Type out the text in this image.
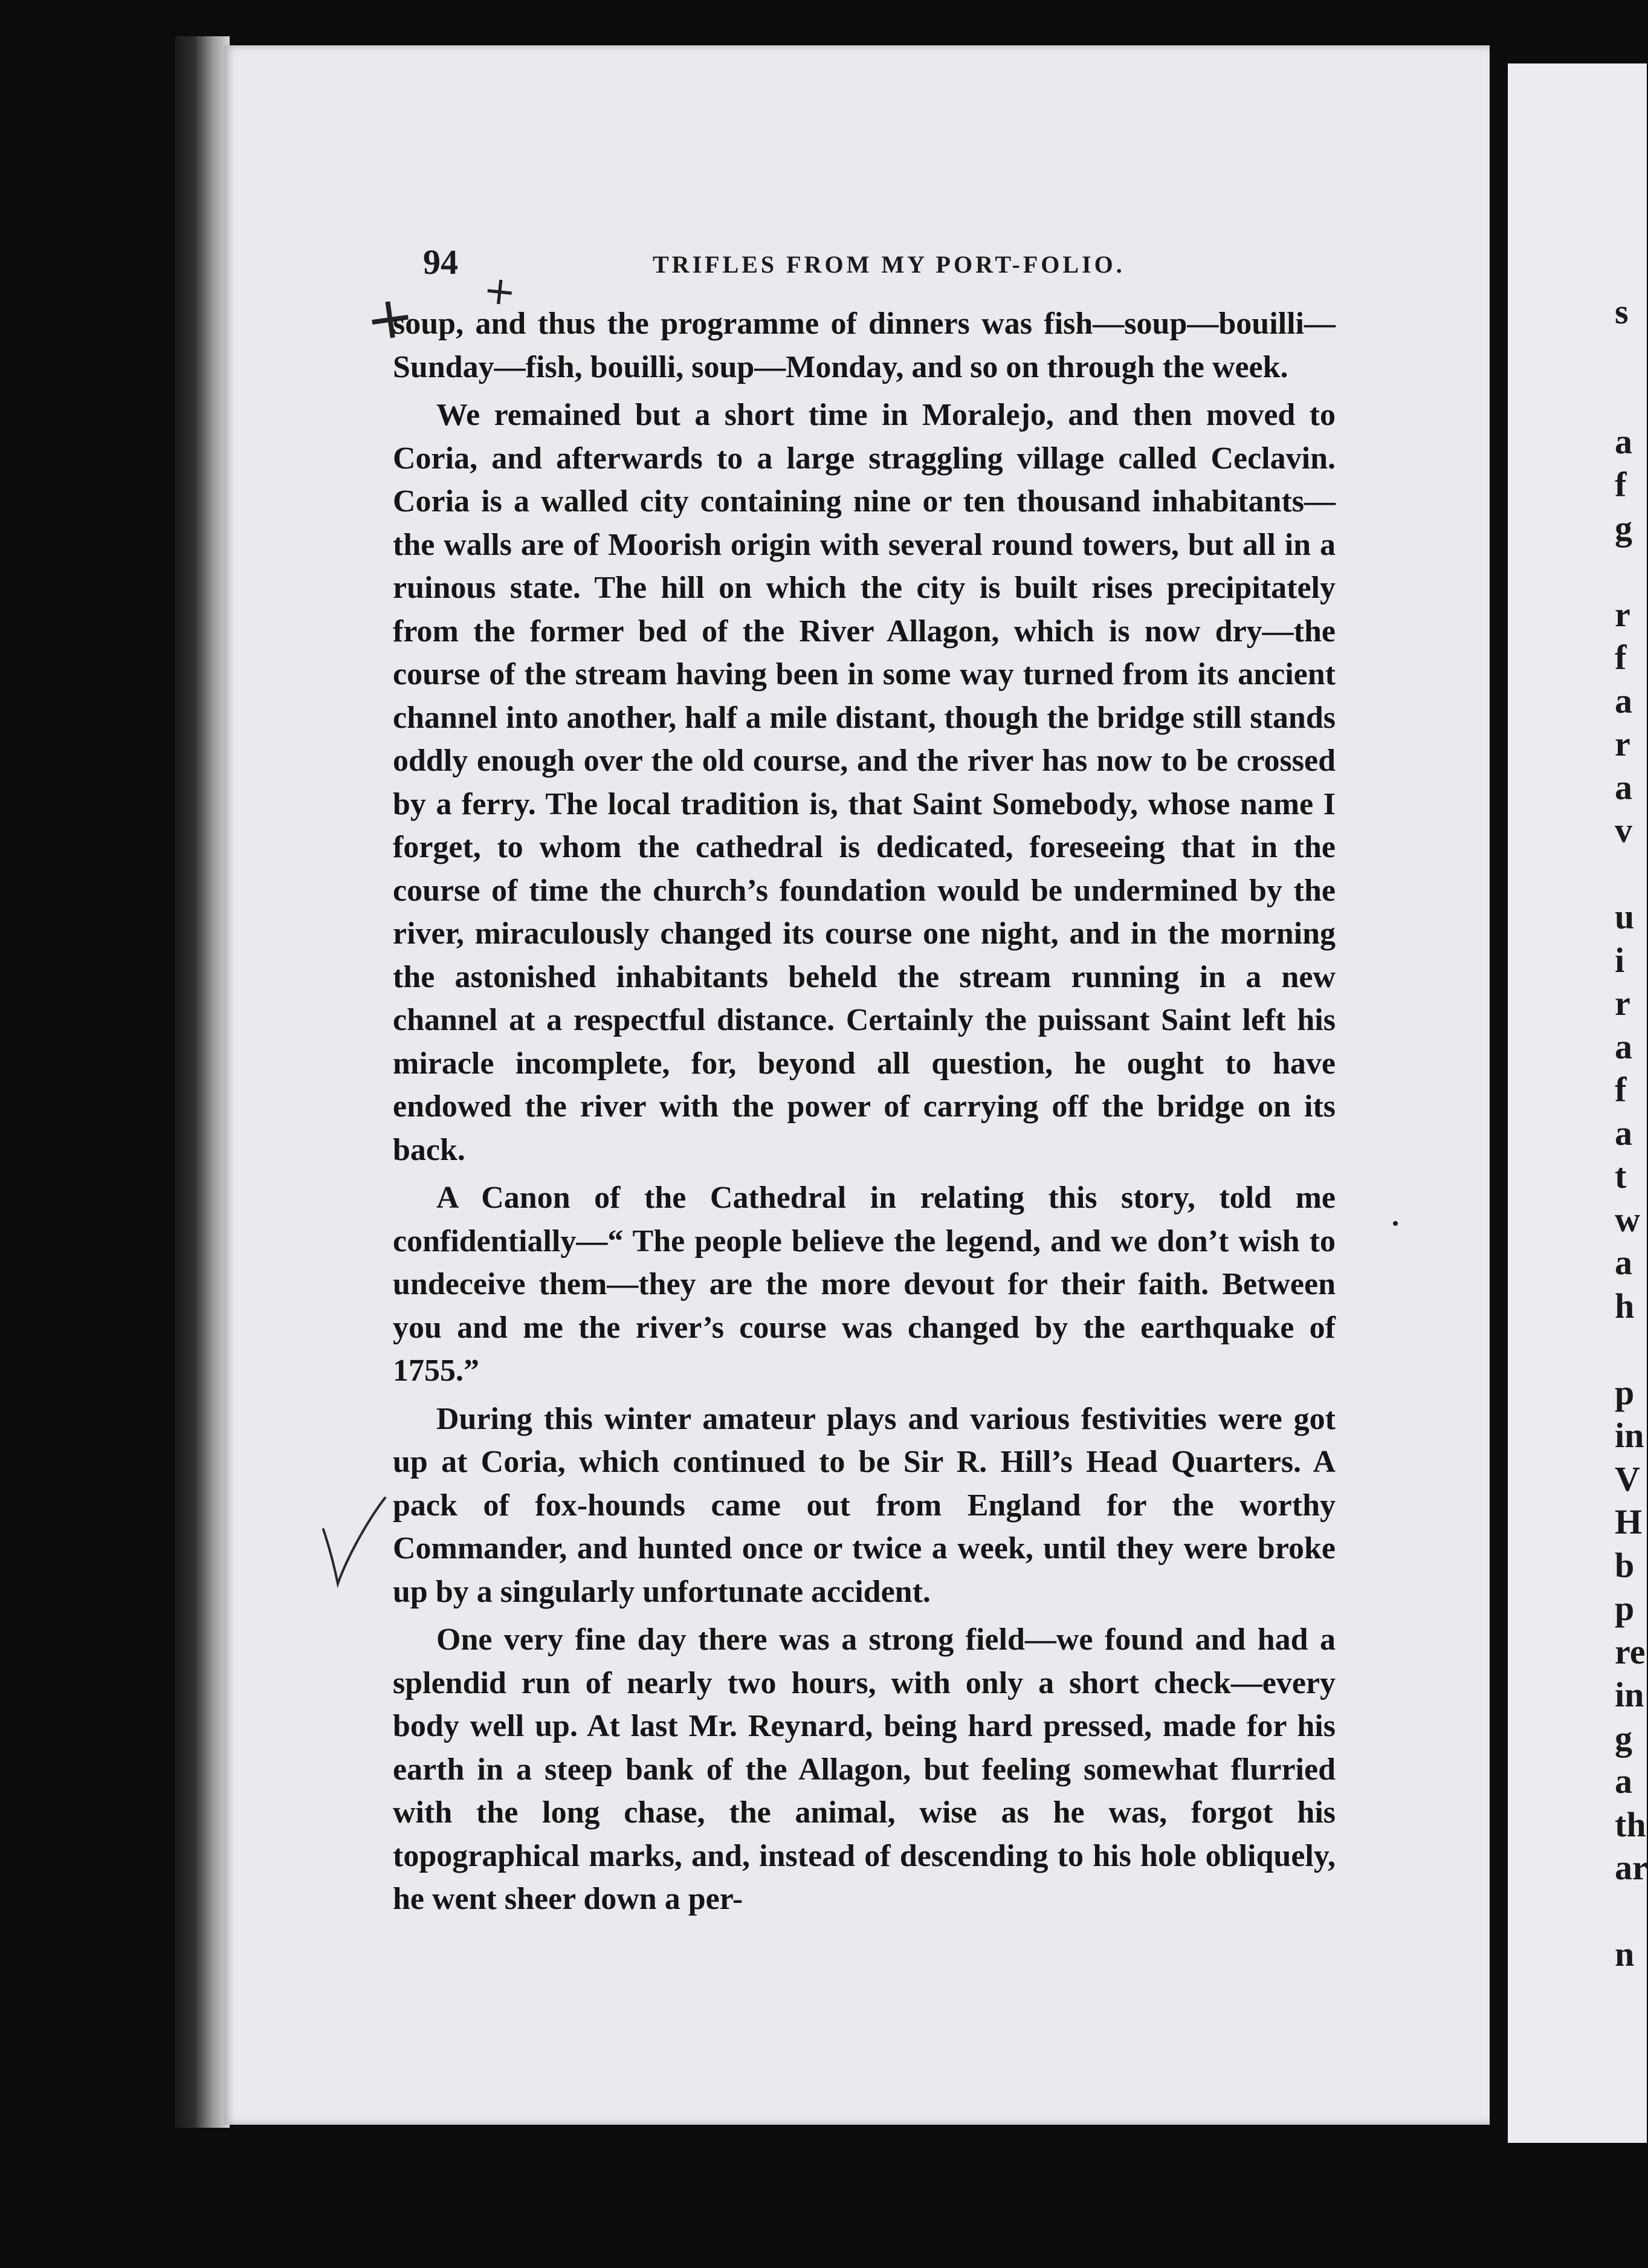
s

a
f
g

r
f
a
r
a
v

u
i
r
a
f
a
t
w
a
h

p
in
V
H
b
p
re
in
g
a
th
ar

n
94	TRIFLES FROM MY PORT-FOLIO.
+ +

soup, and thus the programme of dinners was fish—soup—bouilli—Sunday—fish, bouilli, soup—Monday, and so on through the week.

We remained but a short time in Moralejo, and then moved to Coria, and afterwards to a large straggling village called Ceclavin. Coria is a walled city containing nine or ten thousand inhabitants—the walls are of Moorish origin with several round towers, but all in a ruinous state. The hill on which the city is built rises precipitately from the former bed of the River Allagon, which is now dry—the course of the stream having been in some way turned from its ancient channel into another, half a mile distant, though the bridge still stands oddly enough over the old course, and the river has now to be crossed by a ferry. The local tradition is, that Saint Somebody, whose name I forget, to whom the cathedral is dedicated, foreseeing that in the course of time the church’s foundation would be undermined by the river, miraculously changed its course one night, and in the morning the astonished inhabitants beheld the stream running in a new channel at a respectful distance. Certainly the puissant Saint left his miracle incomplete, for, beyond all question, he ought to have endowed the river with the power of carrying off the bridge on its back.

A Canon of the Cathedral in relating this story, told me confidentially—“ The people believe the legend, and we don’t wish to undeceive them—they are the more devout for their faith. Between you and me the river’s course was changed by the earthquake of 1755.”

During this winter amateur plays and various festivities were got up at Coria, which continued to be Sir R. Hill’s Head Quarters. A pack of fox-hounds came out from England for the worthy Commander, and hunted once or twice a week, until they were broke up by a singularly unfortunate accident.

One very fine day there was a strong field—we found and had a splendid run of nearly two hours, with only a short check—every body well up. At last Mr. Reynard, being hard pressed, made for his earth in a steep bank of the Allagon, but feeling somewhat flurried with the long chase, the animal, wise as he was, forgot his topographical marks, and, instead of descending to his hole obliquely, he went sheer down a per-
